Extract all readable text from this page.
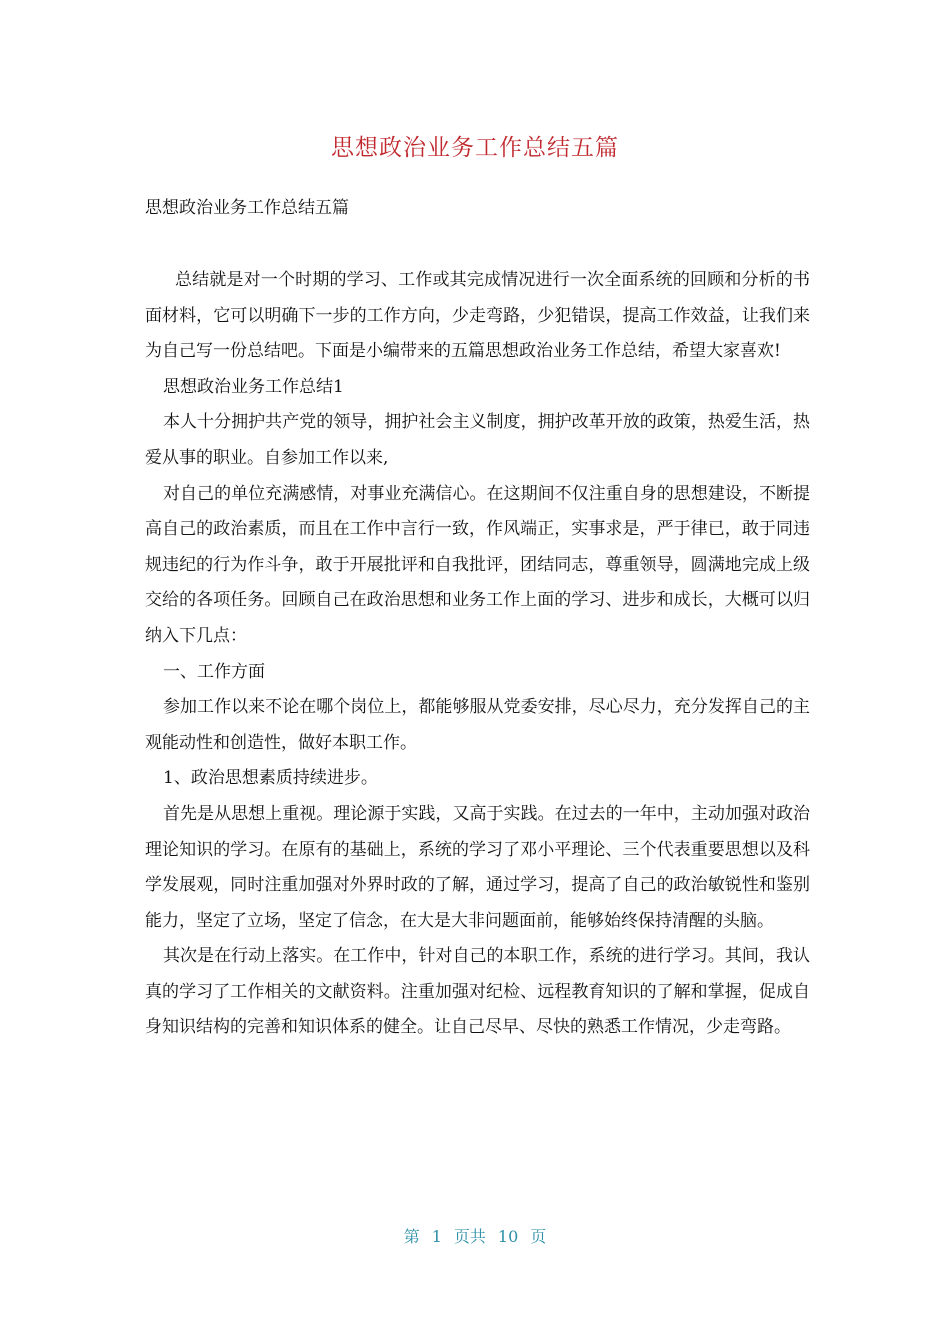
思想政治业务工作总结五篇
思想政治业务工作总结五篇

总结就是对一个时期的学习、工作或其完成情况进行一次全面系统的回顾和分析的书面材料，它可以明确下一步的工作方向，少走弯路，少犯错误，提高工作效益，让我们来为自己写一份总结吧。下面是小编带来的五篇思想政治业务工作总结，希望大家喜欢!

思想政治业务工作总结1

本人十分拥护共产党的领导，拥护社会主义制度，拥护改革开放的政策，热爱生活，热爱从事的职业。自参加工作以来,

对自己的单位充满感情，对事业充满信心。在这期间不仅注重自身的思想建设，不断提高自己的政治素质，而且在工作中言行一致，作风端正，实事求是，严于律已，敢于同违规违纪的行为作斗争，敢于开展批评和自我批评，团结同志，尊重领导，圆满地完成上级交给的各项任务。回顾自己在政治思想和业务工作上面的学习、进步和成长，大概可以归纳入下几点：

一、工作方面

参加工作以来不论在哪个岗位上，都能够服从党委安排，尽心尽力，充分发挥自己的主观能动性和创造性，做好本职工作。

1、政治思想素质持续进步。

首先是从思想上重视。理论源于实践，又高于实践。在过去的一年中，主动加强对政治理论知识的学习。在原有的基础上，系统的学习了邓小平理论、三个代表重要思想以及科学发展观，同时注重加强对外界时政的了解，通过学习，提高了自己的政治敏锐性和鉴别能力，坚定了立场，坚定了信念，在大是大非问题面前，能够始终保持清醒的头脑。

其次是在行动上落实。在工作中，针对自己的本职工作，系统的进行学习。其间，我认真的学习了工作相关的文献资料。注重加强对纪检、远程教育知识的了解和掌握，促成自身知识结构的完善和知识体系的健全。让自己尽早、尽快的熟悉工作情况，少走弯路。

第 1 页共 10 页
